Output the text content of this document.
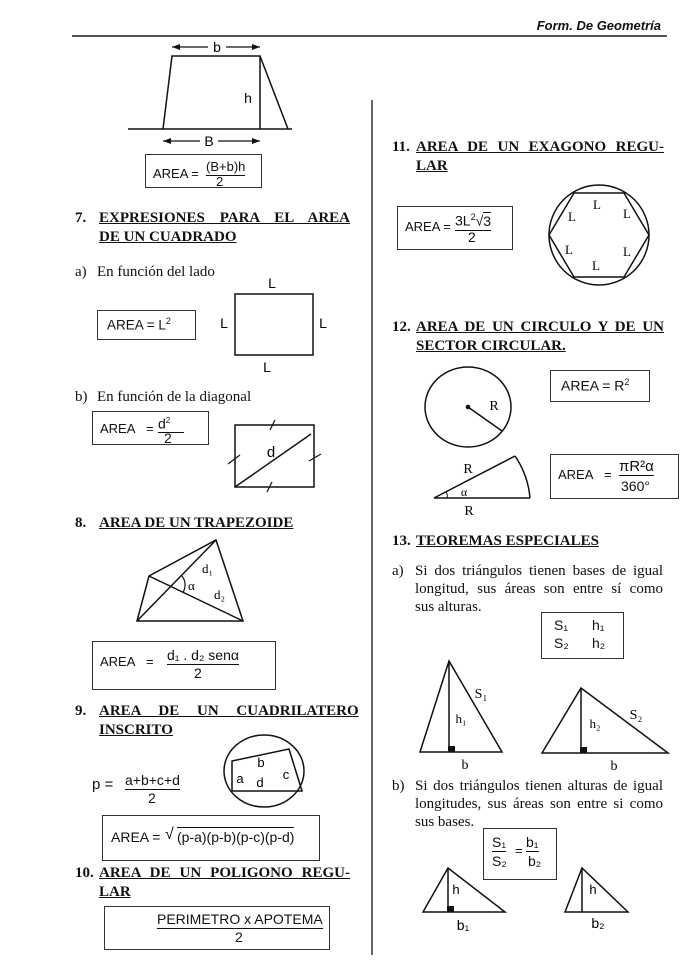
Form. De Geometría
b
h
B
AREA = (B+b)h
2
7. EXPRESIONES PARA EL AREA
DE UN CUADRADO
a) En función del lado
AREA = $L^2$
L
L	L
L
b) En función de la diagonal
AREA = $d^2$
2
d
8. AREA DE UN TRAPEZOIDE
d₁
α
d₂
AREA = d₁ . d₂ senα
2
9. AREA DE UN CUADRILATERO
INSCRITO
b
a d
c
p = a+b+c+d
2
AREA = √ (p-a)(p-b)(p-c)(p-d)
10. AREA DE UN POLIGONO REGU-
LAR
PERIMETRO x APOTEMA
2
11. AREA DE UN EXAGONO REGU-
LAR
AREA = $3L^2√3$
2
L
L
L
L	L
L
12. AREA DE UN CIRCULO Y DE UN
SECTOR CIRCULAR.
R
AREA = $R^2$
R
α
R
AREA = πR²α
360°
13. TEOREMAS ESPECIALES
a) Si dos triángulos tienen bases de igual
longitud, sus áreas son entre sí como
sus alturas.
S₁ h₁
S₂ h₂
S₁
h₁
b
S₂
h₂
b
b) Si dos triángulos tienen alturas de igual
longitudes, sus áreas son entre si como
sus bases.
S₁
S₂
=
b₁
b₂
h
b₁
h
b₂
